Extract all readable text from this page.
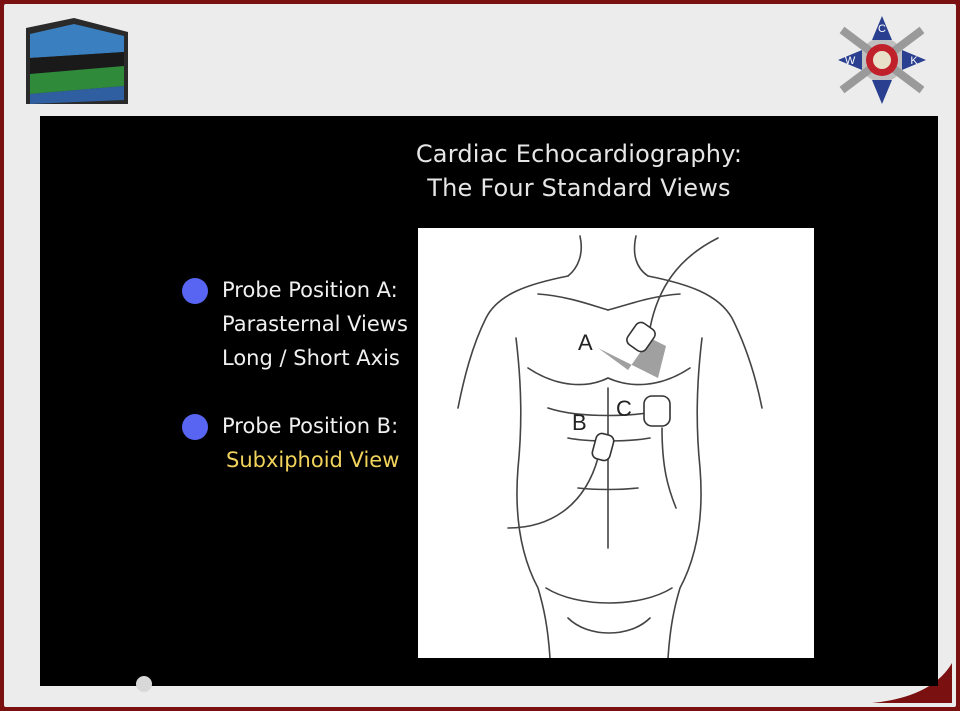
C
W	K
Cardiac Echocardiography:
The Four Standard Views
Probe Position A:
Parasternal Views
Long / Short Axis
Probe Position B:
Subxiphoid View
A
B
C
